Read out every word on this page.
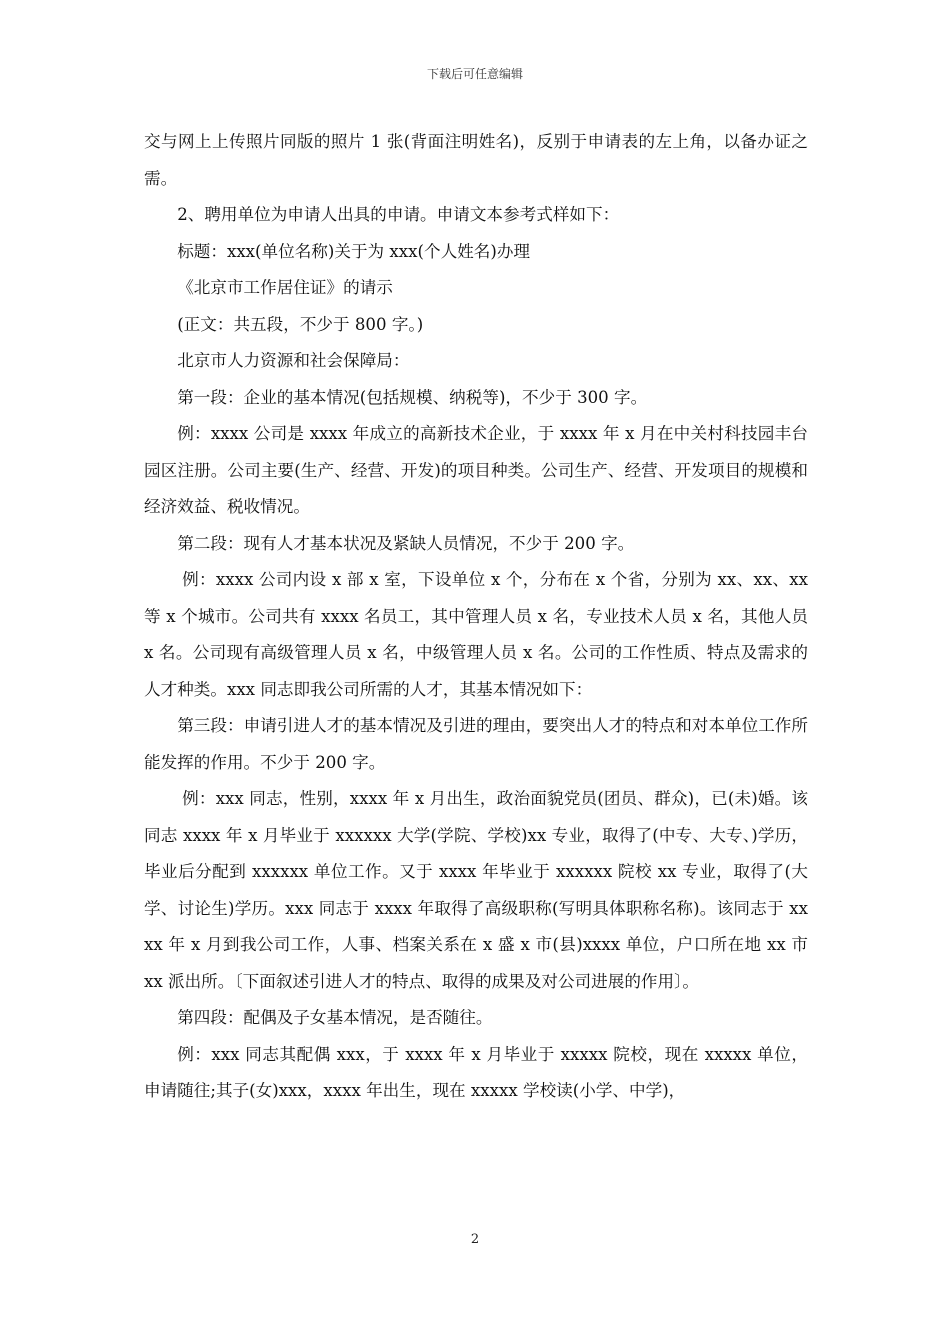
下载后可任意编辑

交与网上上传照片同版的照片 1 张(背面注明姓名)，反别于申请表的左上角，以备办证之需。

2、聘用单位为申请人出具的申请。申请文本参考式样如下：

标题：xxx(单位名称)关于为 xxx(个人姓名)办理

《北京市工作居住证》的请示

(正文：共五段，不少于 800 字。)

北京市人力资源和社会保障局：

第一段：企业的基本情况(包括规模、纳税等)，不少于 300 字。

例：xxxx 公司是 xxxx 年成立的高新技术企业，于 xxxx 年 x 月在中关村科技园丰台园区注册。公司主要(生产、经营、开发)的项目种类。公司生产、经营、开发项目的规模和经济效益、税收情况。

第二段：现有人才基本状况及紧缺人员情况，不少于 200 字。

例：xxxx 公司内设 x 部 x 室，下设单位 x 个，分布在 x 个省，分别为 xx、xx、xx 等 x 个城市。公司共有 xxxx 名员工，其中管理人员 x 名，专业技术人员 x 名，其他人员 x 名。公司现有高级管理人员 x 名，中级管理人员 x 名。公司的工作性质、特点及需求的人才种类。xxx 同志即我公司所需的人才，其基本情况如下：

第三段：申请引进人才的基本情况及引进的理由，要突出人才的特点和对本单位工作所能发挥的作用。不少于 200 字。

例：xxx 同志，性别，xxxx 年 x 月出生，政治面貌党员(团员、群众)，已(未)婚。该同志 xxxx 年 x 月毕业于 xxxxxx 大学(学院、学校)xx 专业，取得了(中专、大专、)学历，毕业后分配到 xxxxxx 单位工作。又于 xxxx 年毕业于 xxxxxx 院校 xx 专业，取得了(大学、讨论生)学历。xxx 同志于 xxxx 年取得了高级职称(写明具体职称名称)。该同志于 xxxx 年 x 月到我公司工作，人事、档案关系在 x 盛 x 市(县)xxxx 单位，户口所在地 xx 市 xx 派出所。〔下面叙述引进人才的特点、取得的成果及对公司进展的作用〕。

第四段：配偶及子女基本情况，是否随往。

例：xxx 同志其配偶 xxx，于 xxxx 年 x 月毕业于 xxxxx 院校，现在 xxxxx 单位，申请随往;其子(女)xxx，xxxx 年出生，现在 xxxxx 学校读(小学、中学)，

2
